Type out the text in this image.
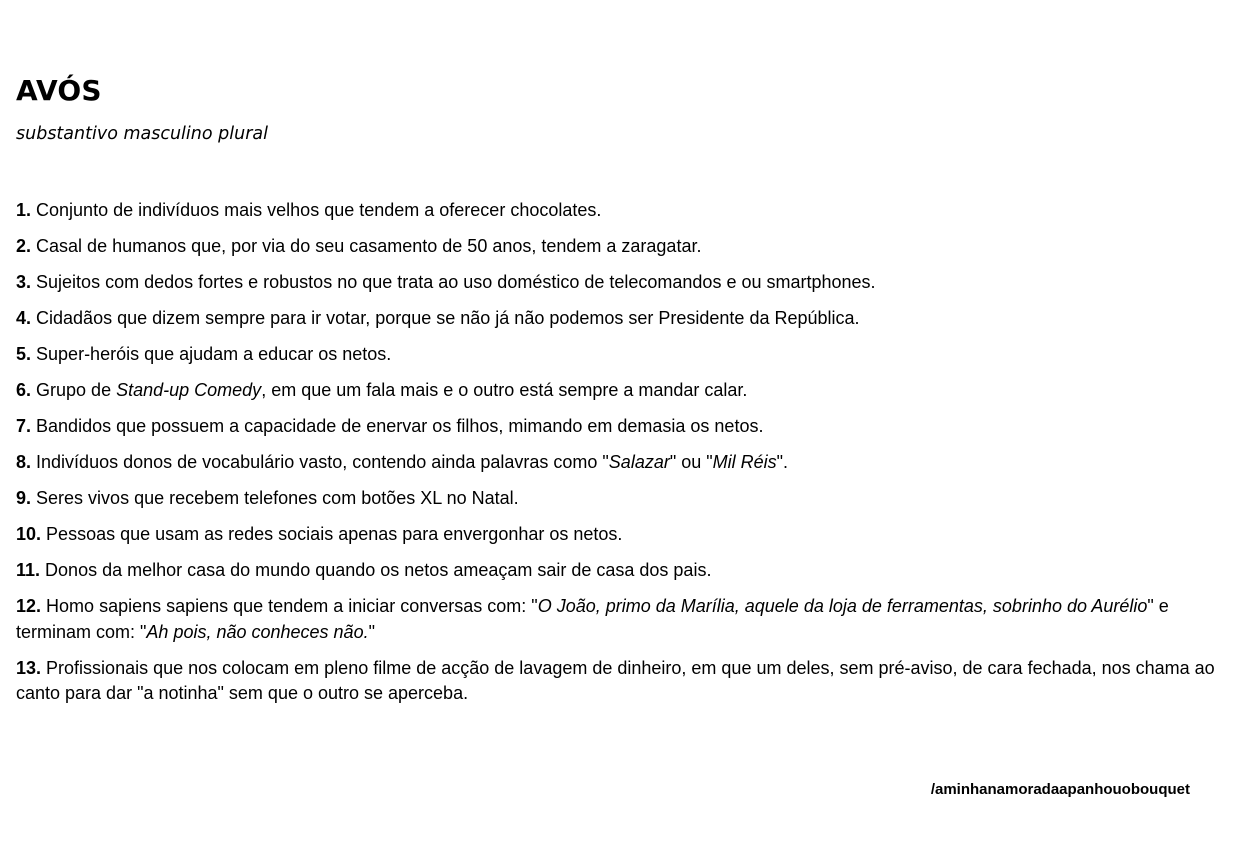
AVÓS

substantivo masculino plural

1. Conjunto de indivíduos mais velhos que tendem a oferecer chocolates.
2. Casal de humanos que, por via do seu casamento de 50 anos, tendem a zaragatar.
3. Sujeitos com dedos fortes e robustos no que trata ao uso doméstico de telecomandos e ou smartphones.
4. Cidadãos que dizem sempre para ir votar, porque se não já não podemos ser Presidente da República.
5. Super-heróis que ajudam a educar os netos.
6. Grupo de Stand-up Comedy, em que um fala mais e o outro está sempre a mandar calar.
7. Bandidos que possuem a capacidade de enervar os filhos, mimando em demasia os netos.
8. Indivíduos donos de vocabulário vasto, contendo ainda palavras como "Salazar" ou "Mil Réis".
9. Seres vivos que recebem telefones com botões XL no Natal.
10. Pessoas que usam as redes sociais apenas para envergonhar os netos.
11. Donos da melhor casa do mundo quando os netos ameaçam sair de casa dos pais.
12. Homo sapiens sapiens que tendem a iniciar conversas com: "O João, primo da Marília, aquele da loja de ferramentas, sobrinho do Aurélio" e terminam com: "Ah pois, não conheces não."
13. Profissionais que nos colocam em pleno filme de acção de lavagem de dinheiro, em que um deles, sem pré-aviso, de cara fechada, nos chama ao canto para dar "a notinha" sem que o outro se aperceba.
/aminhanamoradaapanhouobouquet
